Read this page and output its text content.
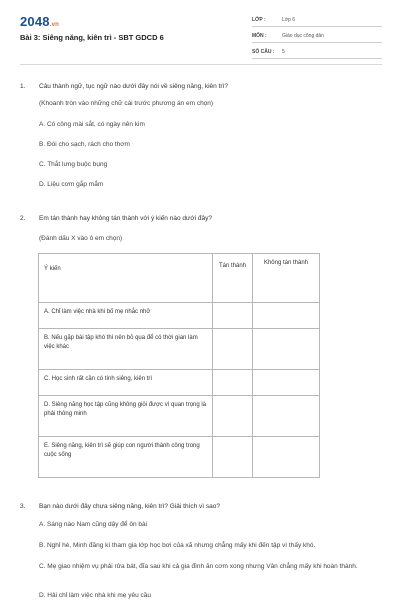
2048.vn
Bài 3: Siêng năng, kiên trì - SBT GDCD 6
LỚP :	Lớp 6
MÔN :	Giáo dục công dân
SỐ CÂU :	5
1. Câu thành ngữ, tục ngữ nào dưới đây nói về siêng năng, kiên trì?
(Khoanh tròn vào những chữ cái trước phương án em chọn)
A. Có công mài sắt, có ngày nên kim
B. Đói cho sạch, rách cho thơm
C. Thắt lưng buộc bụng
D. Liệu cơm gắp mắm
2. Em tán thành hay không tán thành với ý kiến nào dưới đây?
(Đánh dấu X vào ô em chọn)
Ý kiến	Tán thành	Không tán thành
A. Chỉ làm việc nhà khi bố mẹ nhắc nhở		
B. Nếu gặp bài tập khó thì nên bỏ qua để có thời gian làm việc khác		
C. Học sinh rất cần có tính siêng, kiên trì		
D. Siêng năng học tập cũng không giỏi được vì quan trọng là phải thông minh		
E. Siêng năng, kiên trì sẽ giúp con người thành công trong cuộc sống		
3. Bạn nào dưới đây chưa siêng năng, kiên trì? Giải thích vì sao?
A. Sáng nào Nam cũng dậy để ôn bài
B. Nghỉ hè, Minh đăng kí tham gia lớp học bơi của xã nhưng chẳng mấy khi đến tập vì thấy khó.
C. Mẹ giao nhiệm vụ phải rửa bát, đĩa sau khi cả gia đình ăn cơm xong nhưng Vân chẳng mấy khi hoàn thành.
D. Hải chỉ làm việc nhà khi mẹ yêu cầu
